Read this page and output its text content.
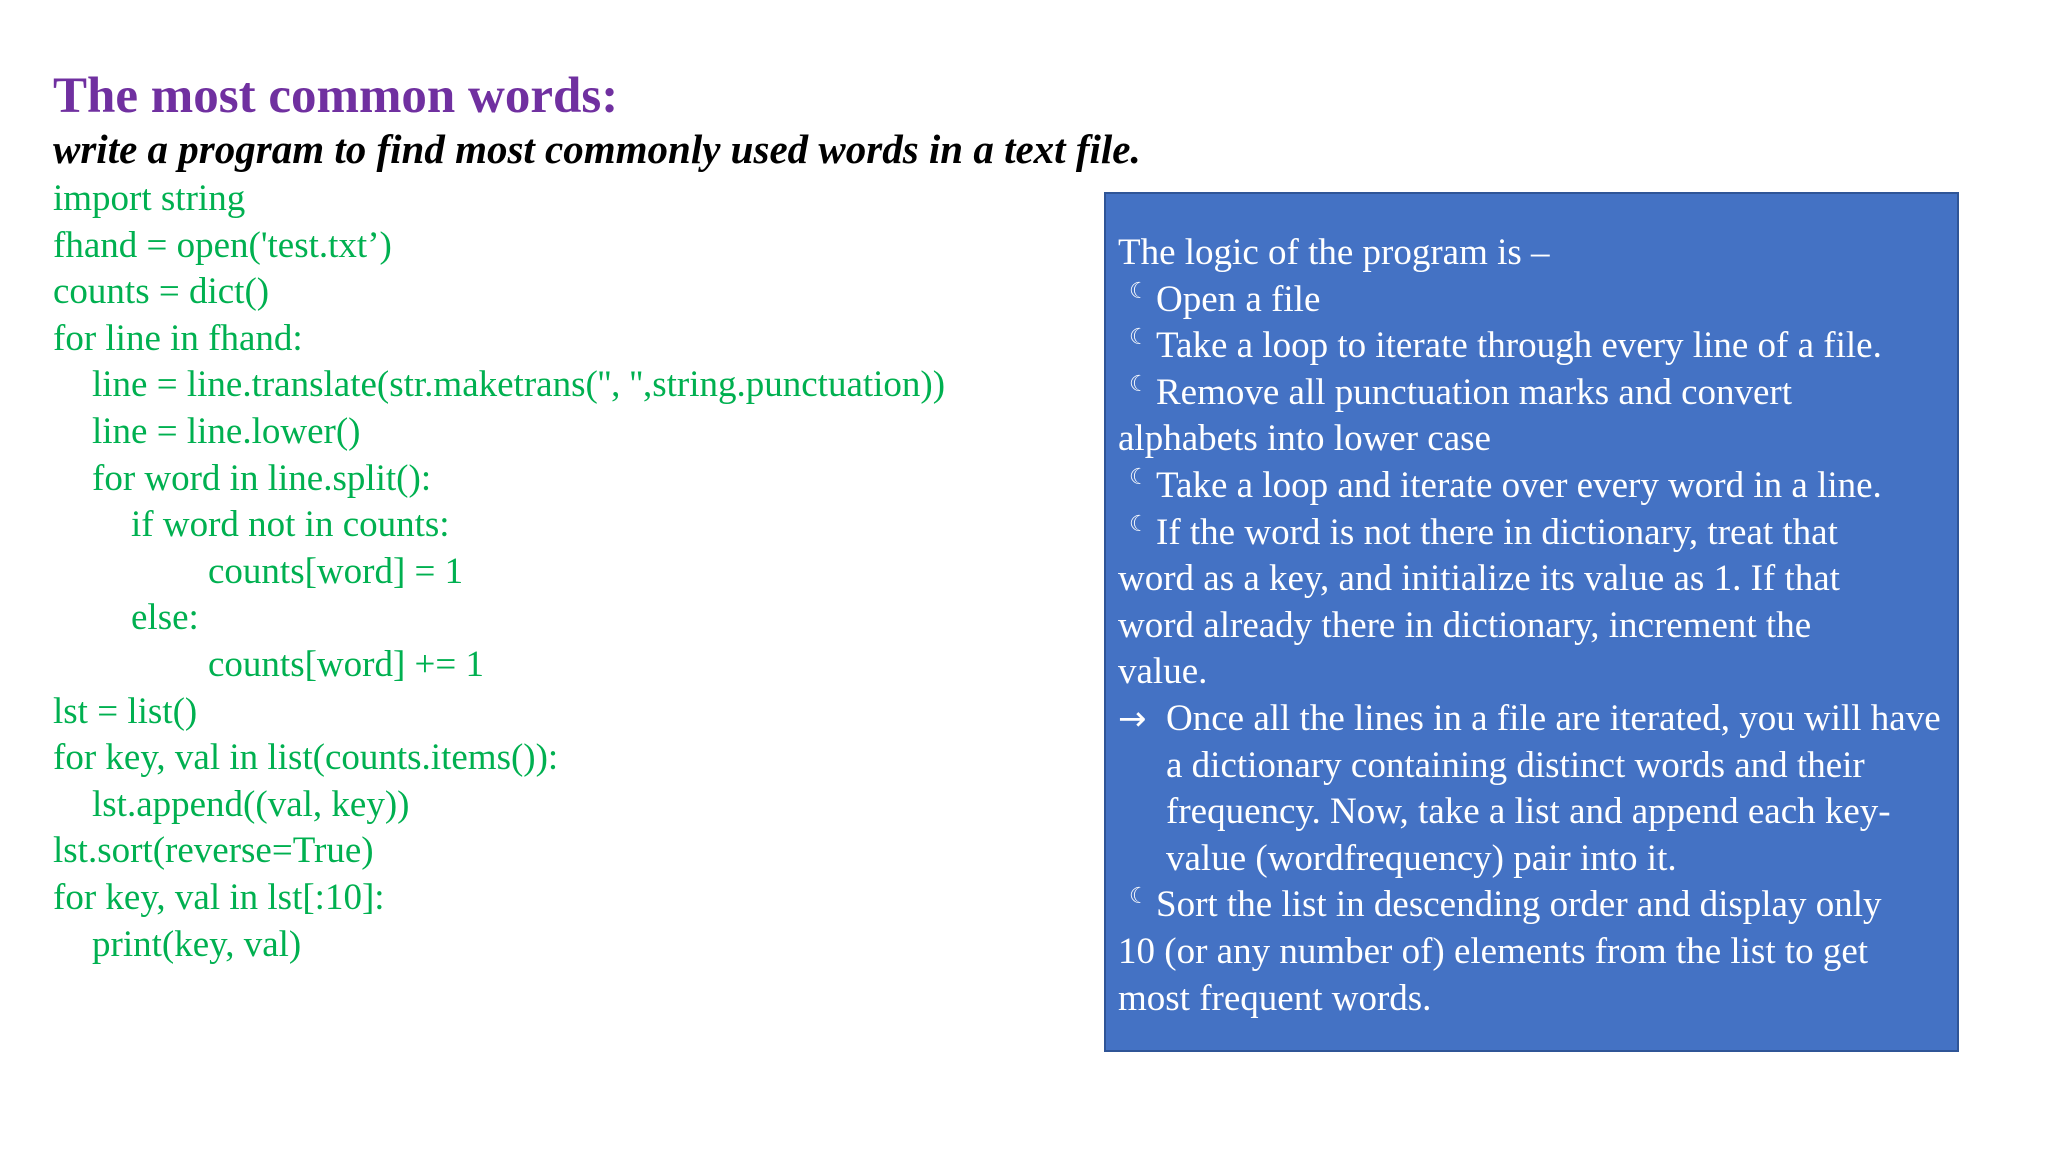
The most common words:
write a program to find most commonly used words in a text file.
import string
fhand = open('test.txt’)
counts = dict()
for line in fhand:
line = line.translate(str.maketrans('', '',string.punctuation))
line = line.lower()
for word in line.split():
if word not in counts:
counts[word] = 1
else:
counts[word] += 1
lst = list()
for key, val in list(counts.items()):
lst.append((val, key))
lst.sort(reverse=True)
for key, val in lst[:10]:
print(key, val)

The logic of the program is –

☾ Open a file

☾ Take a loop to iterate through every line of a file.

☾ Remove all punctuation marks and convert

alphabets into lower case

☾ Take a loop and iterate over every word in a line.

☾ If the word is not there in dictionary, treat that

word as a key, and initialize its value as 1. If that

word already there in dictionary, increment the

value.

→ Once all the lines in a file are iterated, you will have a dictionary containing distinct words and their frequency. Now, take a list and append each key-value (wordfrequency) pair into it.

☾ Sort the list in descending order and display only

10 (or any number of) elements from the list to get

most frequent words.
